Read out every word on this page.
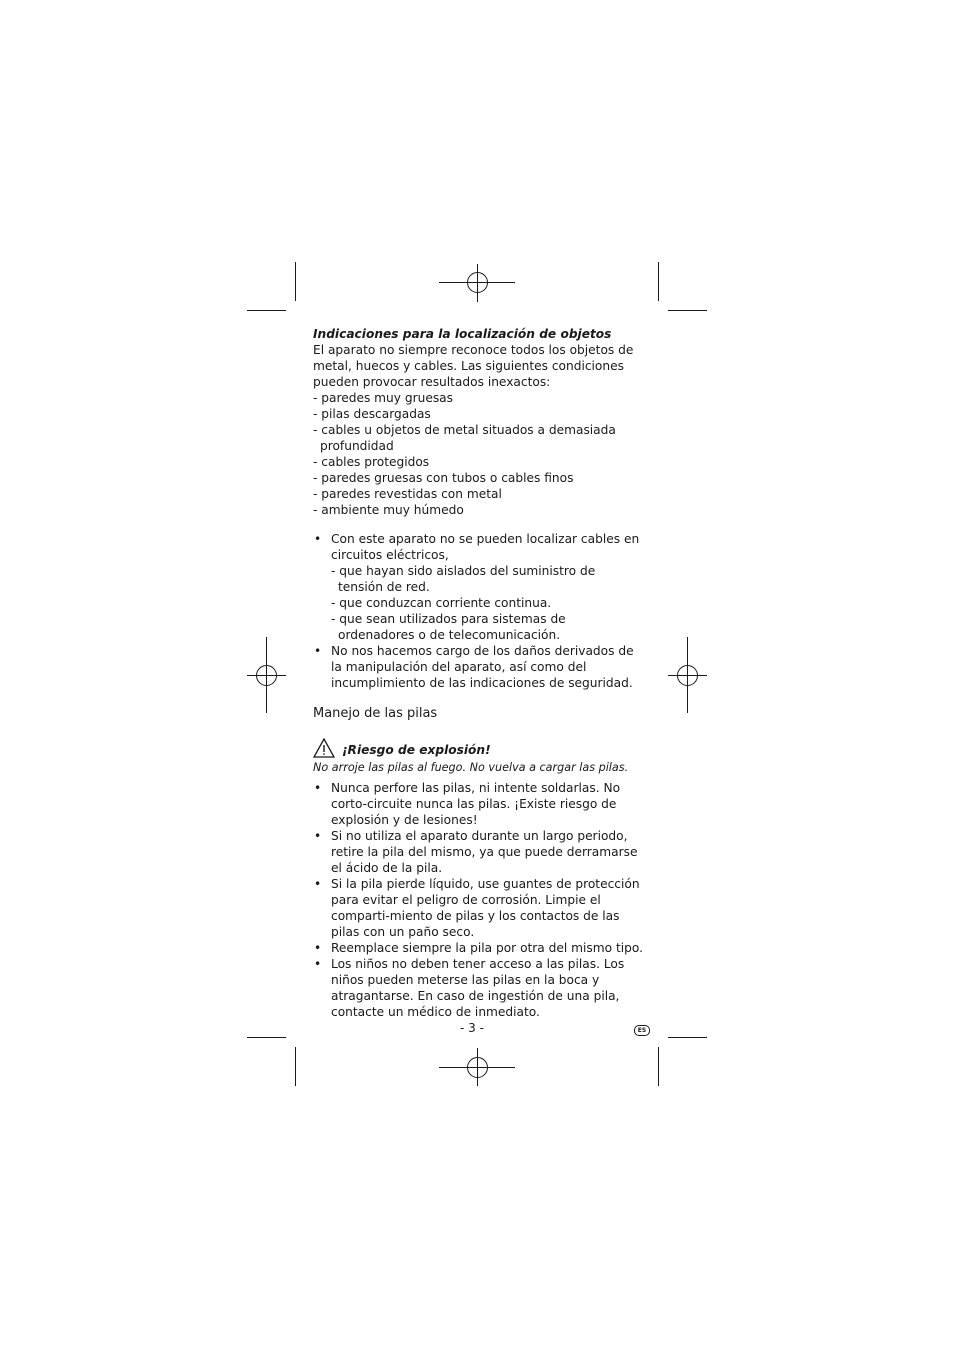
Indicaciones para la localización de objetos

El aparato no siempre reconoce todos los objetos de metal, huecos y cables. Las siguientes condiciones pueden provocar resultados inexactos:

- paredes muy gruesas
- pilas descargadas
- cables u objetos de metal situados a demasiada profundidad
- cables protegidos
- paredes gruesas con tubos o cables finos
- paredes revestidas con metal
- ambiente muy húmedo
• Con este aparato no se pueden localizar cables en circuitos eléctricos,
- que hayan sido aislados del suministro de tensión de red.
- que conduzcan corriente continua.
- que sean utilizados para sistemas de ordenadores o de telecomunicación.
• No nos hacemos cargo de los daños derivados de la manipulación del aparato, así como del incumplimiento de las indicaciones de seguridad.

Manejo de las pilas

¡Riesgo de explosión!

No arroje las pilas al fuego. No vuelva a cargar las pilas.

• Nunca perfore las pilas, ni intente soldarlas. No corto-circuite nunca las pilas. ¡Existe riesgo de explosión y de lesiones!
• Si no utiliza el aparato durante un largo periodo, retire la pila del mismo, ya que puede derramarse el ácido de la pila.
• Si la pila pierde líquido, use guantes de protección para evitar el peligro de corrosión. Limpie el comparti-miento de pilas y los contactos de las pilas con un paño seco.
• Reemplace siempre la pila por otra del mismo tipo.
• Los niños no deben tener acceso a las pilas. Los niños pueden meterse las pilas en la boca y atragantarse. En caso de ingestión de una pila, contacte un médico de inmediato.
- 3 -	ES
